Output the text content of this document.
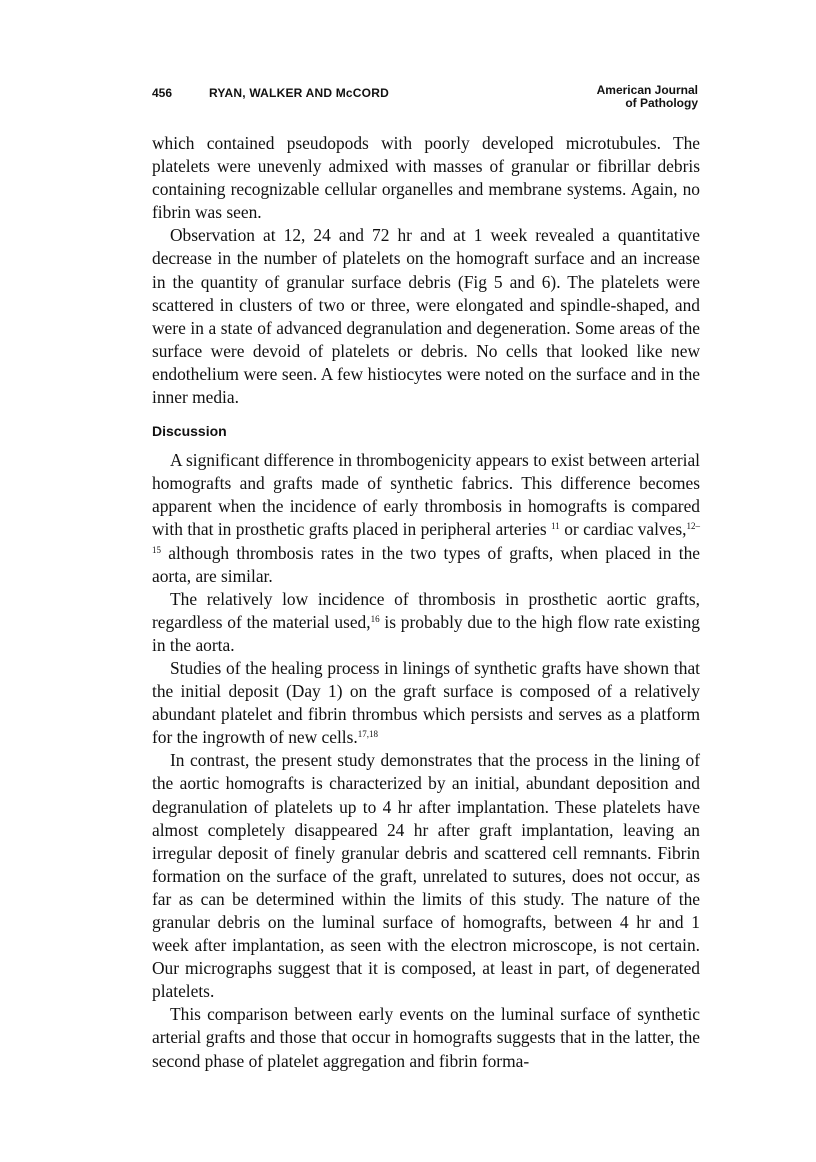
456	RYAN, WALKER AND McCORD	American Journal
of Pathology

which contained pseudopods with poorly developed microtubules. The platelets were unevenly admixed with masses of granular or fibrillar debris containing recognizable cellular organelles and membrane systems. Again, no fibrin was seen.

Observation at 12, 24 and 72 hr and at 1 week revealed a quantitative decrease in the number of platelets on the homograft surface and an increase in the quantity of granular surface debris (Fig 5 and 6). The platelets were scattered in clusters of two or three, were elongated and spindle-shaped, and were in a state of advanced degranulation and degeneration. Some areas of the surface were devoid of platelets or debris. No cells that looked like new endothelium were seen. A few histiocytes were noted on the surface and in the inner media.

Discussion

A significant difference in thrombogenicity appears to exist between arterial homografts and grafts made of synthetic fabrics. This difference becomes apparent when the incidence of early thrombosis in homografts is compared with that in prosthetic grafts placed in peripheral arteries $^{11}$ or cardiac valves,$^{12-15}$ although thrombosis rates in the two types of grafts, when placed in the aorta, are similar.

The relatively low incidence of thrombosis in prosthetic aortic grafts, regardless of the material used,$^{16}$ is probably due to the high flow rate existing in the aorta.

Studies of the healing process in linings of synthetic grafts have shown that the initial deposit (Day 1) on the graft surface is composed of a relatively abundant platelet and fibrin thrombus which persists and serves as a platform for the ingrowth of new cells.$^{17,18}$

In contrast, the present study demonstrates that the process in the lining of the aortic homografts is characterized by an initial, abundant deposition and degranulation of platelets up to 4 hr after implantation. These platelets have almost completely disappeared 24 hr after graft implantation, leaving an irregular deposit of finely granular debris and scattered cell remnants. Fibrin formation on the surface of the graft, unrelated to sutures, does not occur, as far as can be determined within the limits of this study. The nature of the granular debris on the luminal surface of homografts, between 4 hr and 1 week after implantation, as seen with the electron microscope, is not certain. Our micrographs suggest that it is composed, at least in part, of degenerated platelets.

This comparison between early events on the luminal surface of synthetic arterial grafts and those that occur in homografts suggests that in the latter, the second phase of platelet aggregation and fibrin forma-
